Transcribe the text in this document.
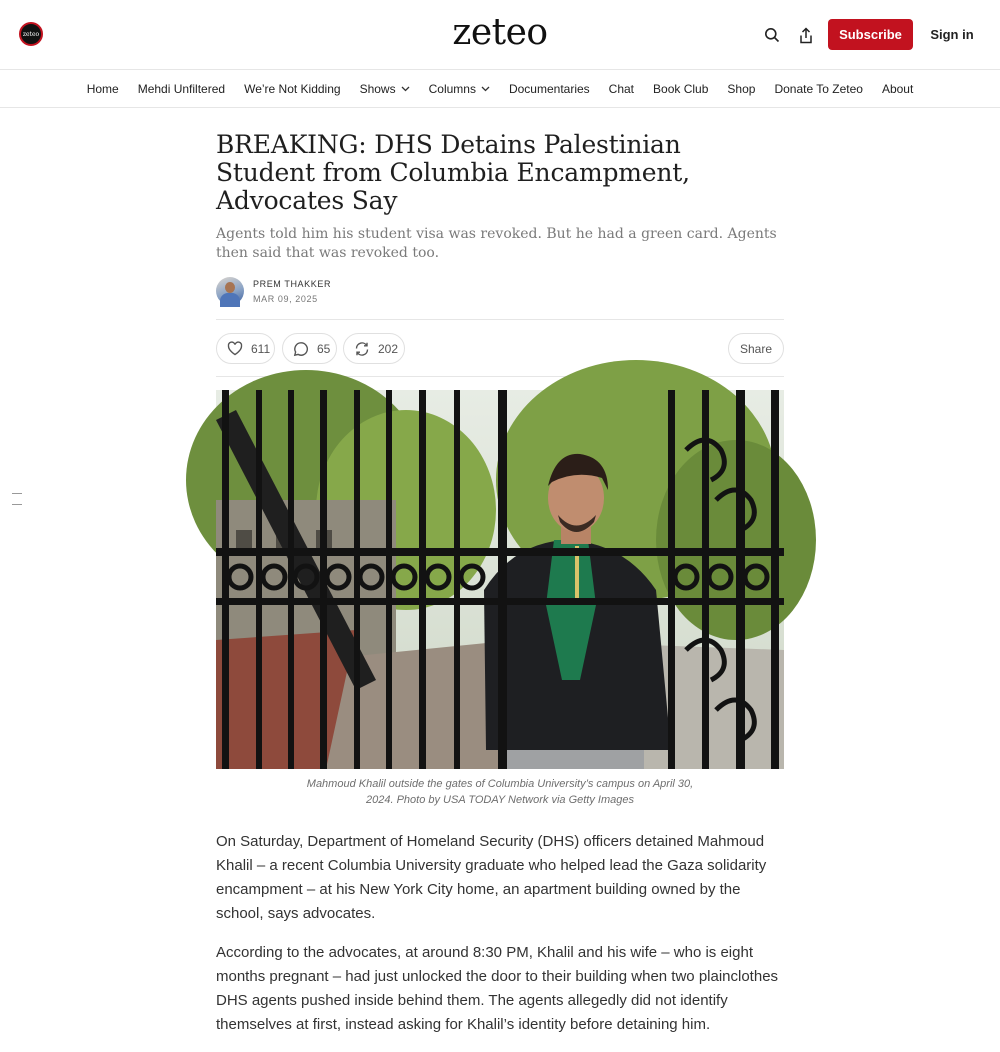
zeteo	zeteo	Subscribe	Sign in
Home Mehdi Unfiltered We’re Not Kidding Shows	Columns	Documentaries Chat Book Club Shop Donate To Zeteo About
BREAKING: DHS Detains Palestinian Student from Columbia Encampment, Advocates Say
Agents told him his student visa was revoked. But he had a green card. Agents then said that was revoked too.
PREM THAKKER
MAR 09, 2025
611	65	202	Share
Mahmoud Khalil outside the gates of Columbia University’s campus on April 30, 2024. Photo by USA TODAY Network via Getty Images

On Saturday, Department of Homeland Security (DHS) officers detained Mahmoud Khalil – a recent Columbia University graduate who helped lead the Gaza solidarity encampment – at his New York City home, an apartment building owned by the school, says advocates.

According to the advocates, at around 8:30 PM, Khalil and his wife – who is eight months pregnant – had just unlocked the door to their building when two plainclothes DHS agents pushed inside behind them. The agents allegedly did not identify themselves at first, instead asking for Khalil’s identity before detaining him.
